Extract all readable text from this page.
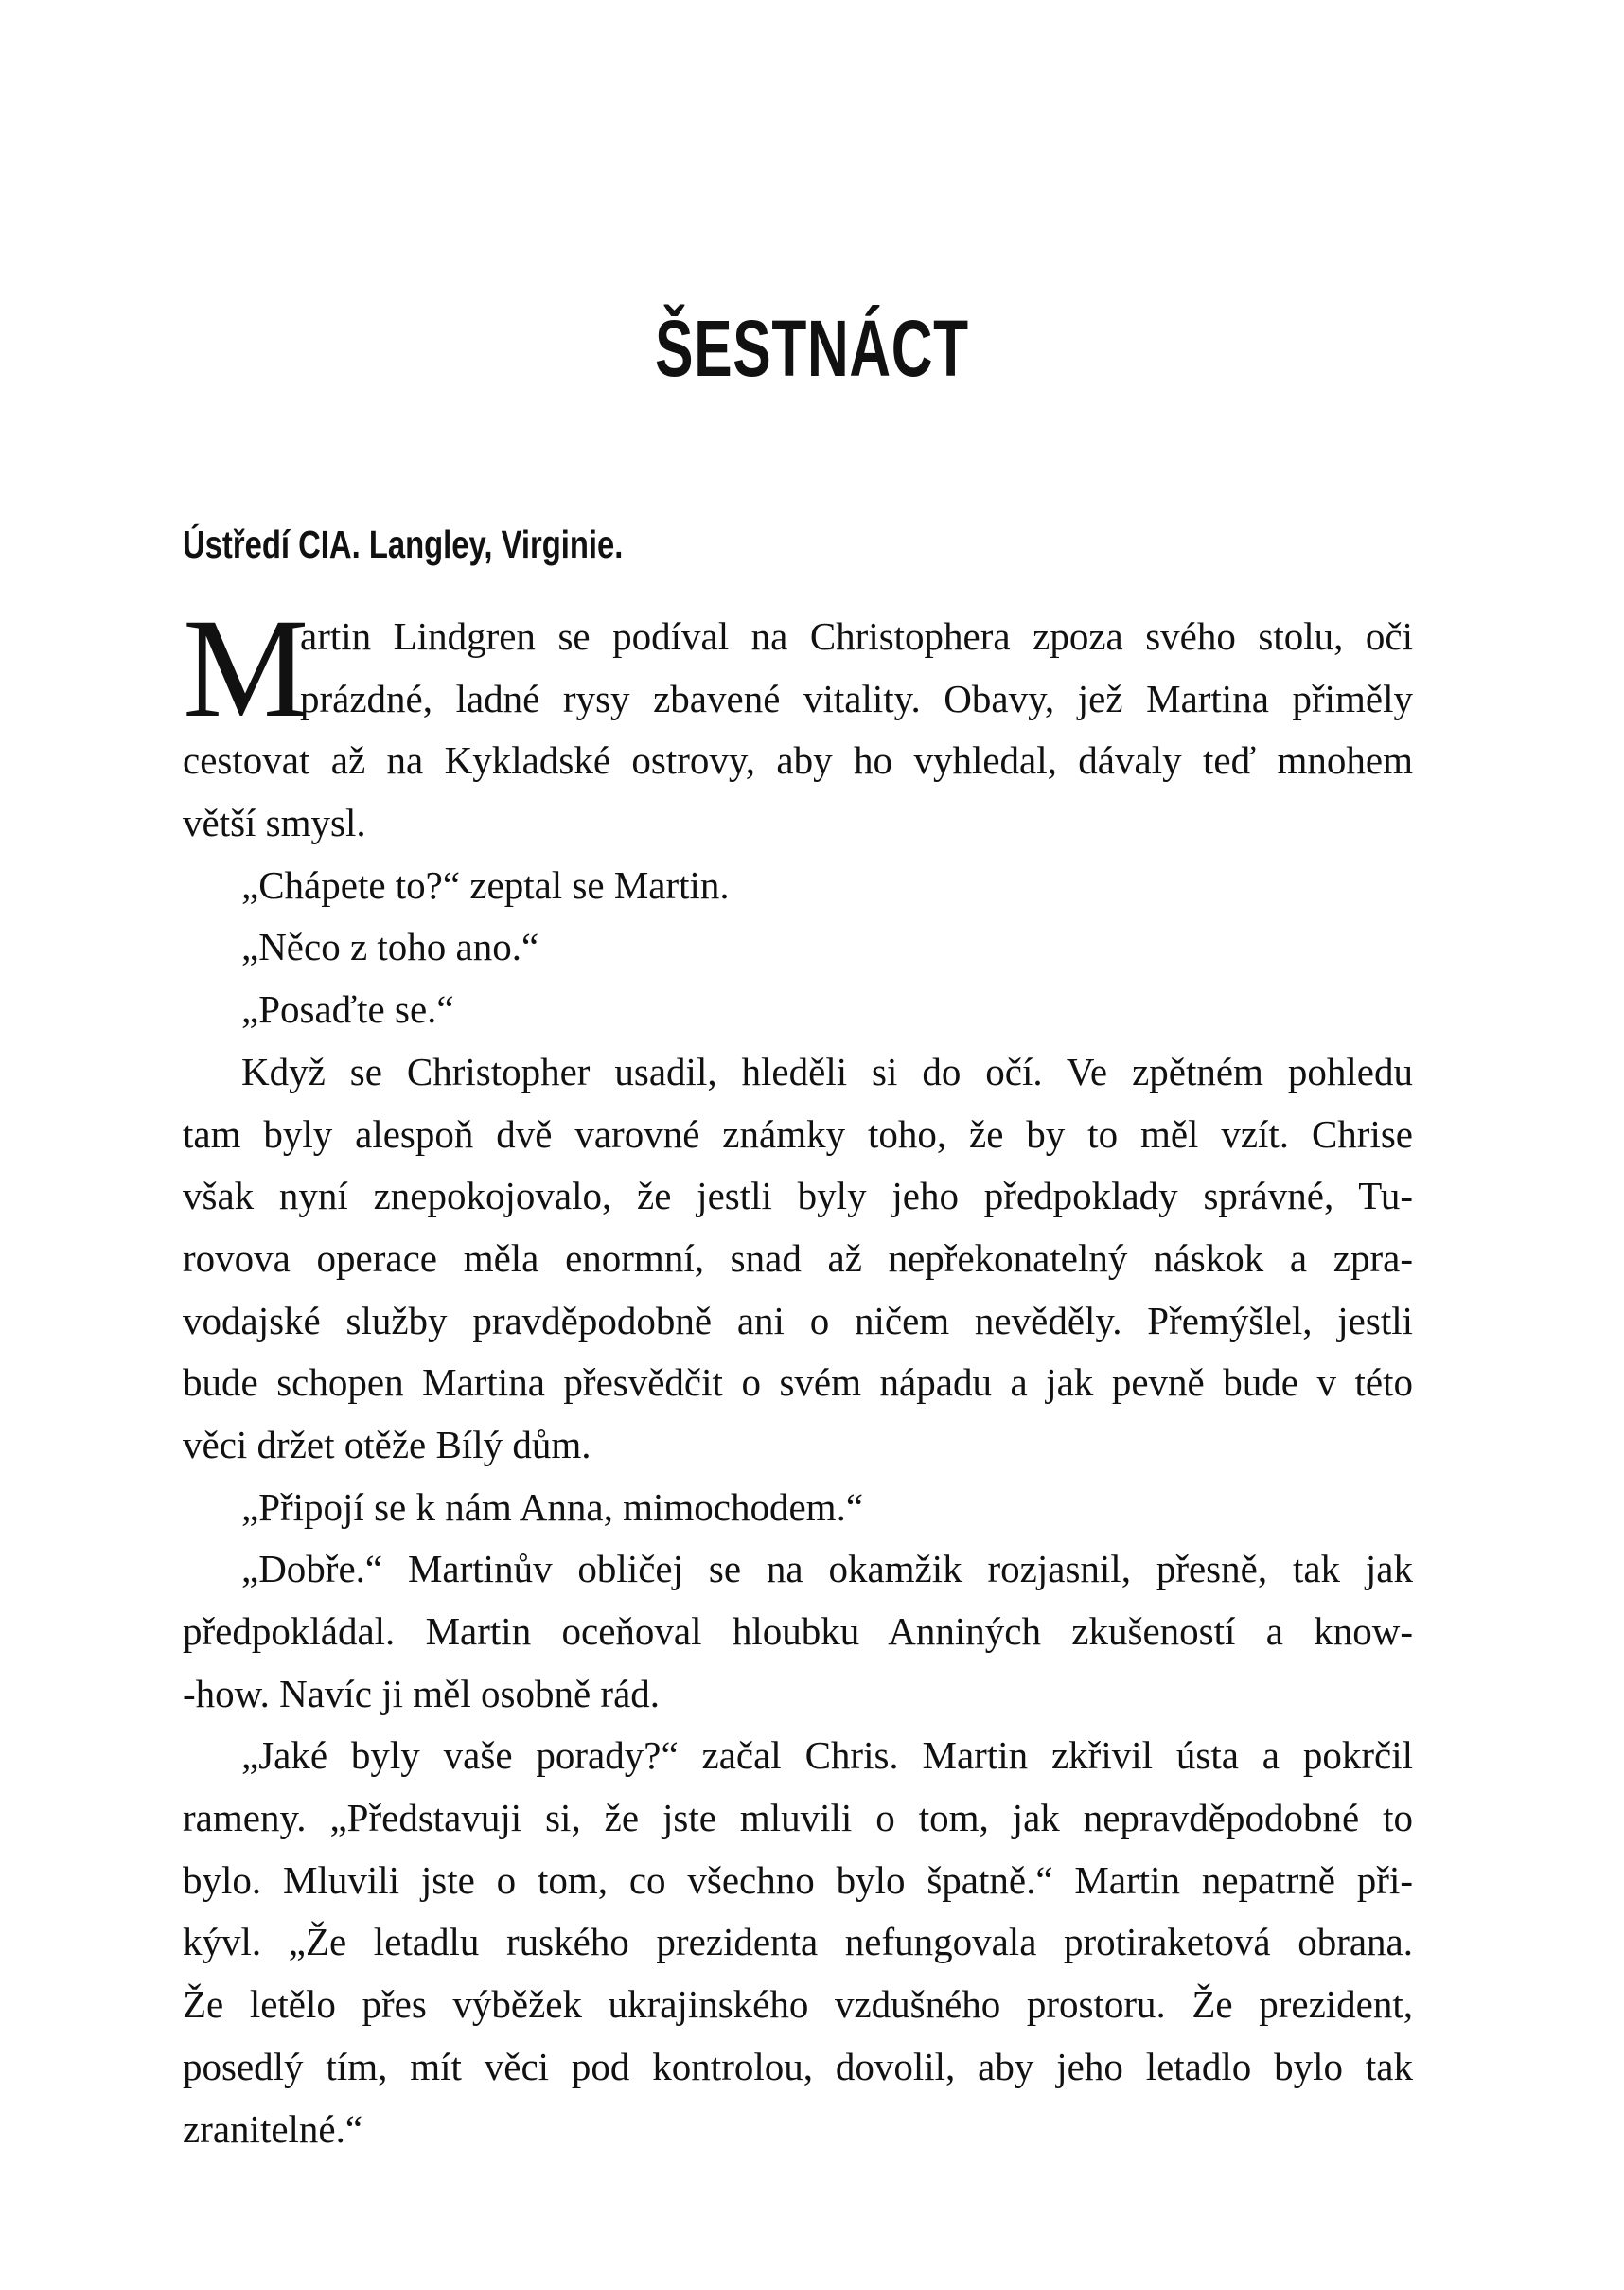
ŠESTNÁCT
Ústředí CIA. Langley, Virginie.
M
artin Lindgren se podíval na Christophera zpoza svého stolu, oči
prázdné, ladné rysy zbavené vitality. Obavy, jež Martina přiměly
cestovat až na Kykladské ostrovy, aby ho vyhledal, dávaly teď mnohem
větší smysl.
„Chápete to?“ zeptal se Martin.
„Něco z toho ano.“
„Posaďte se.“
Když se Christopher usadil, hleděli si do očí. Ve zpětném pohledu
tam byly alespoň dvě varovné známky toho, že by to měl vzít. Chrise
však nyní znepokojovalo, že jestli byly jeho předpoklady správné, Tu-
rovova operace měla enormní, snad až nepřekonatelný náskok a zpra-
vodajské služby pravděpodobně ani o ničem nevěděly. Přemýšlel, jestli
bude schopen Martina přesvědčit o svém nápadu a jak pevně bude v této
věci držet otěže Bílý dům.
„Připojí se k nám Anna, mimochodem.“
„Dobře.“ Martinův obličej se na okamžik rozjasnil, přesně, tak jak
předpokládal. Martin oceňoval hloubku Anniných zkušeností a know-
-how. Navíc ji měl osobně rád.
„Jaké byly vaše porady?“ začal Chris. Martin zkřivil ústa a pokrčil
rameny. „Představuji si, že jste mluvili o tom, jak nepravděpodobné to
bylo. Mluvili jste o tom, co všechno bylo špatně.“ Martin nepatrně při-
kývl. „Že letadlu ruského prezidenta nefungovala protiraketová obrana.
Že letělo přes výběžek ukrajinského vzdušného prostoru. Že prezident,
posedlý tím, mít věci pod kontrolou, dovolil, aby jeho letadlo bylo tak
zranitelné.“
